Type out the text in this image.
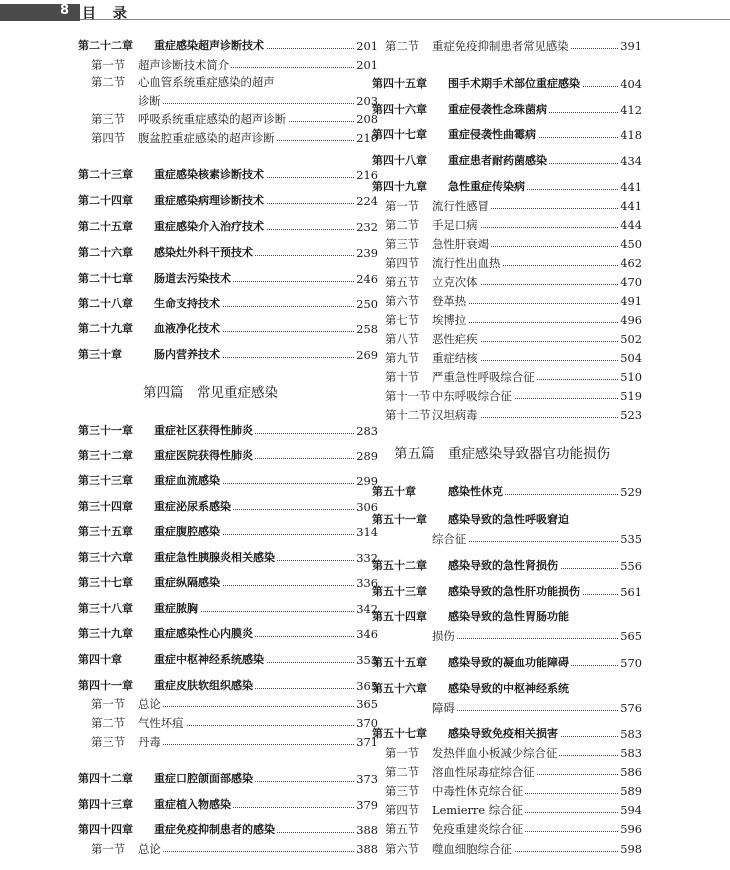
8 目 录
第二十二章 重症感染超声诊断技术	201
第一节 超声诊断技术简介	201
第二节 心血管系统重症感染的超声
诊断	203
第三节 呼吸系统重症感染的超声诊断	208
第四节 腹盆腔重症感染的超声诊断	210
第二十三章 重症感染核素诊断技术	216
第二十四章 重症感染病理诊断技术	224
第二十五章 重症感染介入治疗技术	232
第二十六章 感染灶外科干预技术	239
第二十七章 肠道去污染技术	246
第二十八章 生命支持技术	250
第二十九章 血液净化技术	258
第三十章	肠内营养技术	269
第三十一章 重症社区获得性肺炎	283
第三十二章 重症医院获得性肺炎	289
第三十三章 重症血流感染	299
第三十四章 重症泌尿系感染	306
第三十五章 重症腹腔感染	314
第三十六章 重症急性胰腺炎相关感染	332
第三十七章 重症纵隔感染	336
第三十八章 重症脓胸	342
第三十九章 重症感染性心内膜炎	346
第四十章	重症中枢神经系统感染	353
第四十一章 重症皮肤软组织感染	365
第一节 总论	365
第二节 气性坏疽	370
第三节 丹毒	371
第四十二章 重症口腔颌面部感染	373
第四十三章 重症植入物感染	379
第四十四章 重症免疫抑制患者的感染	388
第一节 总论	388
第四篇　常见重症感染
第二节 重症免疫抑制患者常见感染	391
第四十五章 围手术期手术部位重症感染	404
第四十六章 重症侵袭性念珠菌病	412
第四十七章 重症侵袭性曲霉病	418
第四十八章 重症患者耐药菌感染	434
第四十九章 急性重症传染病	441
第一节 流行性感冒	441
第二节 手足口病	444
第三节 急性肝衰竭	450
第四节 流行性出血热	462
第五节 立克次体	470
第六节 登革热	491
第七节 埃博拉	496
第八节 恶性疟疾	502
第九节 重症结核	504
第十节 严重急性呼吸综合征	510
第十一节 中东呼吸综合征	519
第十二节 汉坦病毒	523
第五十章	感染性休克	529
第五十一章 感染导致的急性呼吸窘迫
综合征	535
第五十二章 感染导致的急性肾损伤	556
第五十三章 感染导致的急性肝功能损伤	561
第五十四章 感染导致的急性胃肠功能
损伤	565
第五十五章 感染导致的凝血功能障碍	570
第五十六章 感染导致的中枢神经系统
障碍	576
第五十七章 感染导致免疫相关损害	583
第一节 发热伴血小板减少综合征	583
第二节 溶血性尿毒症综合征	586
第三节 中毒性休克综合征	589
第四节 Lemierre 综合征	594
第五节 免疫重建炎综合征	596
第六节 噬血细胞综合征	598
第五篇　重症感染导致器官功能损伤
